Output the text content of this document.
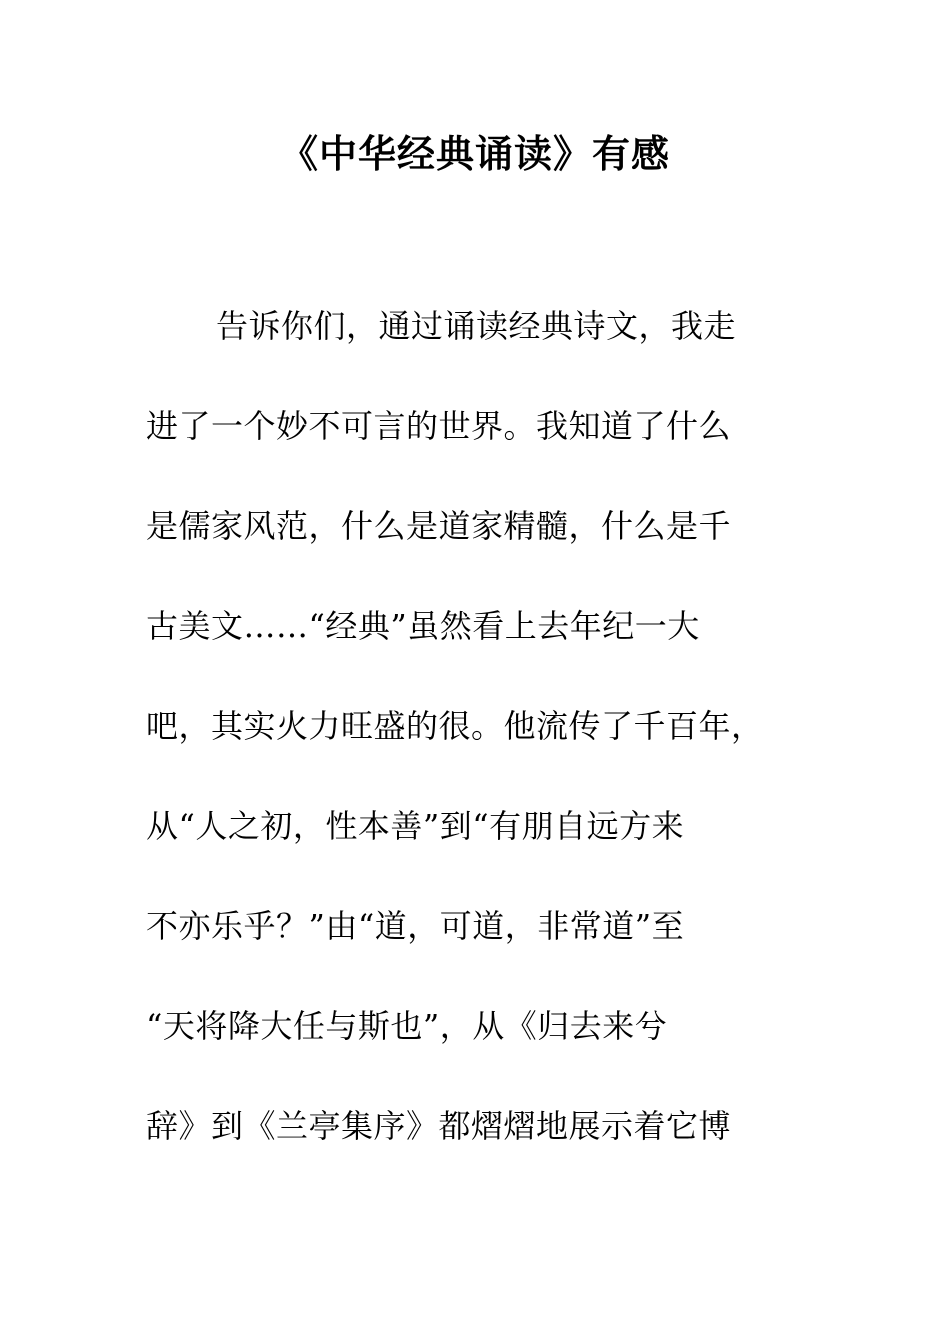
《中华经典诵读》有感
告诉你们，通过诵读经典诗文，我走
进了一个妙不可言的世界。我知道了什么
是儒家风范，什么是道家精髓，什么是千
古美文……“经典”虽然看上去年纪一大
吧，其实火力旺盛的很。他流传了千百年，
从“人之初，性本善”到“有朋自远方来
不亦乐乎？”由“道，可道，非常道”至
“天将降大任与斯也”，从《归去来兮
辞》到《兰亭集序》都熠熠地展示着它博
